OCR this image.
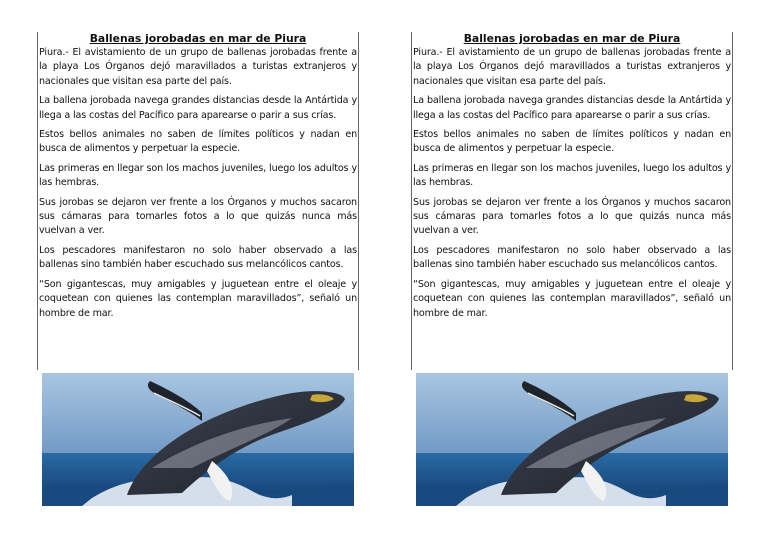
Ballenas jorobadas en mar de Piura

Piura.- El avistamiento de un grupo de ballenas jorobadas frente a la playa Los Órganos dejó maravillados a turistas extranjeros y nacionales que visitan esa parte del país.

La ballena jorobada navega grandes distancias desde la Antártida y llega a las costas del Pacífico para aparearse o parir a sus crías.

Estos bellos animales no saben de límites políticos y nadan en busca de alimentos y perpetuar la especie.

Las primeras en llegar son los machos juveniles, luego los adultos y las hembras.

Sus jorobas se dejaron ver frente a los Órganos y muchos sacaron sus cámaras para tomarles fotos a lo que quizás nunca más vuelvan a ver.

Los pescadores manifestaron no solo haber observado a las ballenas sino también haber escuchado sus melancólicos cantos.

“Son gigantescas, muy amigables y juguetean entre el oleaje y coquetean con quienes las contemplan maravillados”, señaló un hombre de mar.

Ballenas jorobadas en mar de Piura

Piura.- El avistamiento de un grupo de ballenas jorobadas frente a la playa Los Órganos dejó maravillados a turistas extranjeros y nacionales que visitan esa parte del país.

La ballena jorobada navega grandes distancias desde la Antártida y llega a las costas del Pacífico para aparearse o parir a sus crías.

Estos bellos animales no saben de límites políticos y nadan en busca de alimentos y perpetuar la especie.

Las primeras en llegar son los machos juveniles, luego los adultos y las hembras.

Sus jorobas se dejaron ver frente a los Órganos y muchos sacaron sus cámaras para tomarles fotos a lo que quizás nunca más vuelvan a ver.

Los pescadores manifestaron no solo haber observado a las ballenas sino también haber escuchado sus melancólicos cantos.

“Son gigantescas, muy amigables y juguetean entre el oleaje y coquetean con quienes las contemplan maravillados”, señaló un hombre de mar.
